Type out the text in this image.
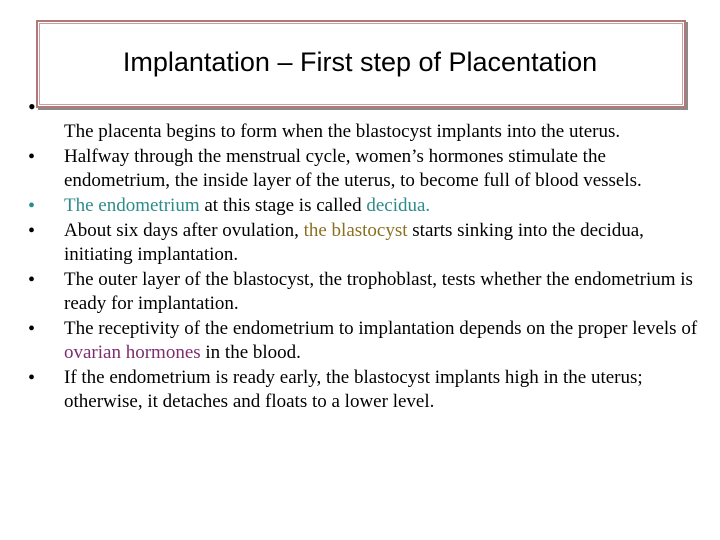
Implantation – First step of Placentation
•
The placenta begins to form when the blastocyst implants into the uterus.
• Halfway through the menstrual cycle, women’s hormones stimulate the endometrium, the inside layer of the uterus, to become full of blood vessels.
• The endometrium at this stage is called decidua.
• About six days after ovulation, the blastocyst starts sinking into the decidua, initiating implantation.
• The outer layer of the blastocyst, the trophoblast, tests whether the endometrium is ready for implantation.
• The receptivity of the endometrium to implantation depends on the proper levels of ovarian hormones in the blood.
• If the endometrium is ready early, the blastocyst implants high in the uterus; otherwise, it detaches and floats to a lower level.
